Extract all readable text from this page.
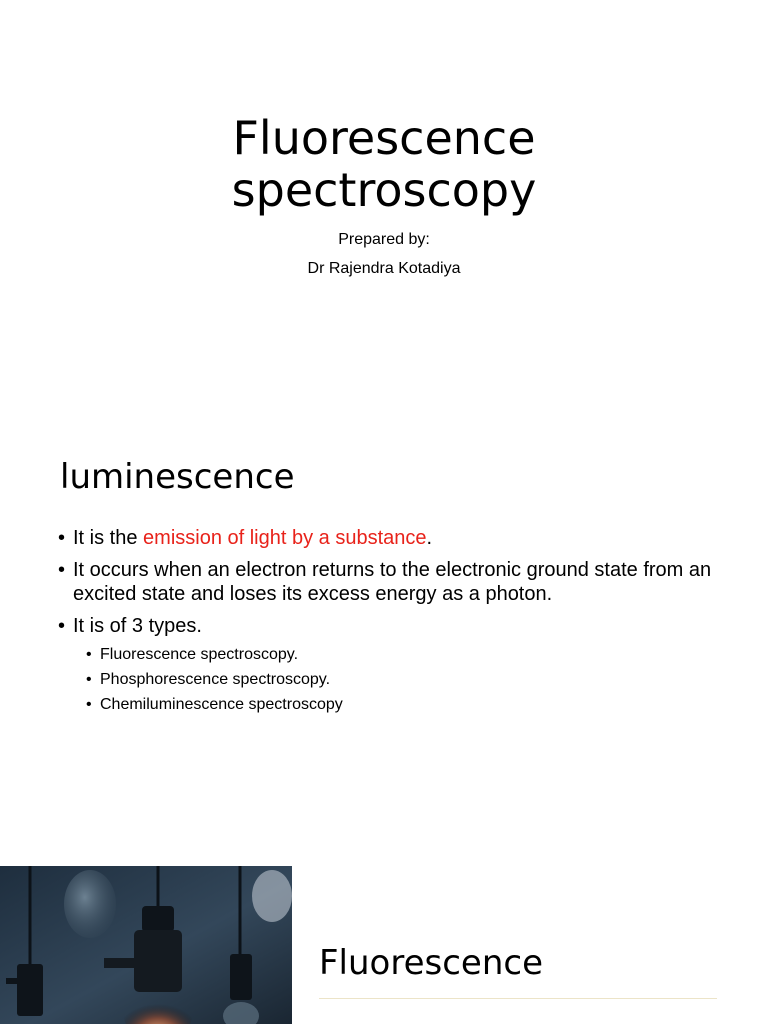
Fluorescence
spectroscopy
Prepared by:
Dr Rajendra Kotadiya
luminescence
• It is the emission of light by a substance.
• It occurs when an electron returns to the electronic ground state from an excited state and loses its excess energy as a photon.
• It is of 3 types.
• Fluorescence spectroscopy.
• Phosphorescence spectroscopy.
• Chemiluminescence spectroscopy
Fluorescence
